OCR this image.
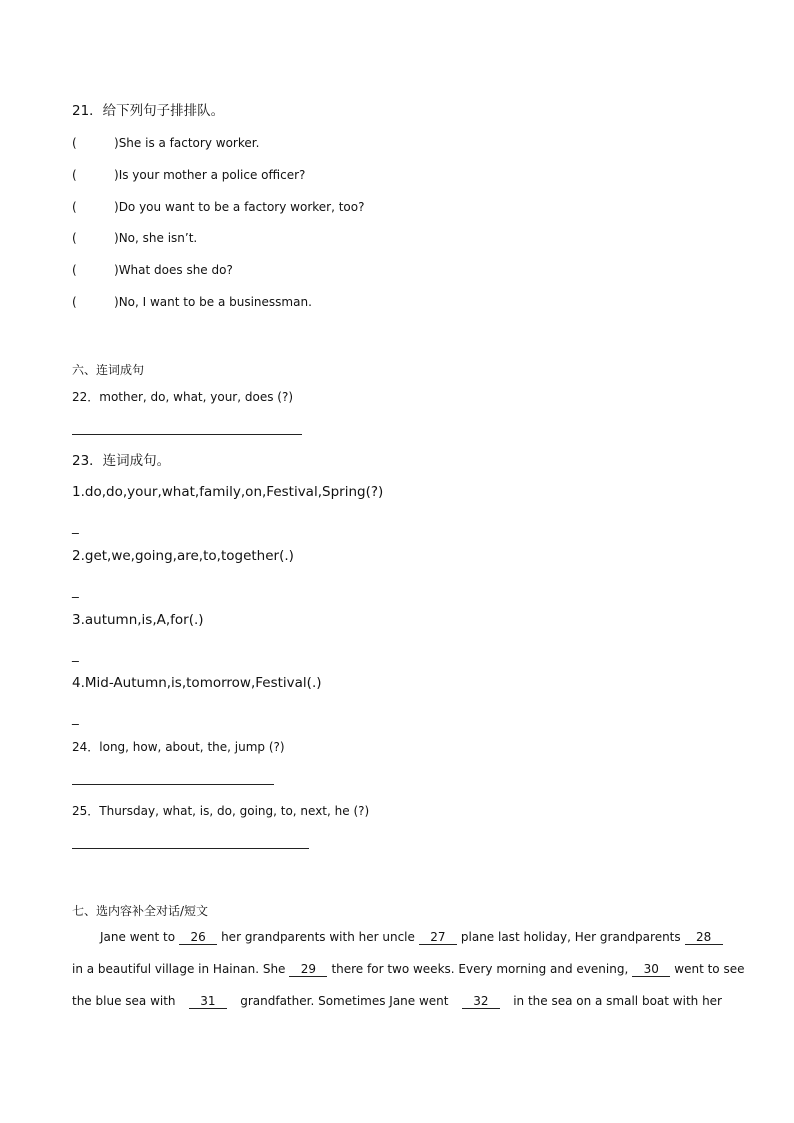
21．给下列句子排排队。
(	)She is a factory worker.
(	)Is your mother a police officer?
(	)Do you want to be a factory worker, too?
(	)No, she isn’t.
(	)What does she do?
(	)No, I want to be a businessman.
六、连词成句
22．mother, do, what, your, does (?)
23．连词成句。
1.do,do,your,what,family,on,Festival,Spring(?)
_
2.get,we,going,are,to,together(.)
_
3.autumn,is,A,for(.)
_
4.Mid-Autumn,is,tomorrow,Festival(.)
_
24．long, how, about, the, jump (?)
25．Thursday, what, is, do, going, to, next, he (?)
七、选内容补全对话/短文
Jane went to	26	her grandparents with her uncle	27	plane last holiday, Her grandparents	28
in a beautiful village in Hainan. She	29	there for two weeks. Every morning and evening,	30	went to see
the blue sea with	31	grandfather. Sometimes Jane went	32	in the sea on a small boat with her
